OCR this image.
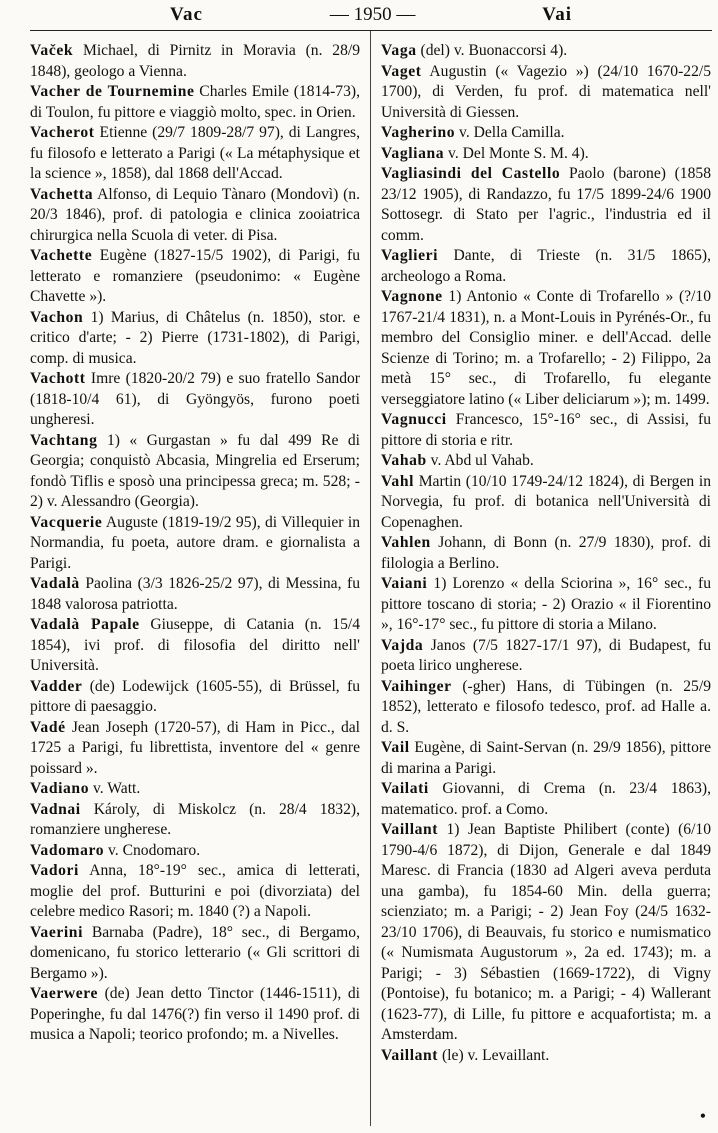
Vac	— 1950 —	Vai

Vaček Michael, di Pirnitz in Moravia (n. 28/9 1848), geologo a Vienna.

Vacher de Tournemine Charles Emile (1814-73), di Toulon, fu pittore e viaggiò molto, spec. in Orien.

Vacherot Etienne (29/7 1809-28/7 97), di Langres, fu filosofo e letterato a Parigi (« La métaphysique et la science », 1858), dal 1868 dell'Accad.

Vachetta Alfonso, di Lequio Tànaro (Mondovì) (n. 20/3 1846), prof. di patologia e clinica zooiatrica chirurgica nella Scuola di veter. di Pisa.

Vachette Eugène (1827-15/5 1902), di Parigi, fu letterato e romanziere (pseudonimo: « Eugène Chavette »).

Vachon 1) Marius, di Châtelus (n. 1850), stor. e critico d'arte; - 2) Pierre (1731-1802), di Parigi, comp. di musica.

Vachott Imre (1820-20/2 79) e suo fratello Sandor (1818-10/4 61), di Gyöngyös, furono poeti ungheresi.

Vachtang 1) « Gurgastan » fu dal 499 Re di Georgia; conquistò Abcasia, Mingrelia ed Erserum; fondò Tiflis e sposò una principessa greca; m. 528; - 2) v. Alessandro (Georgia).

Vacquerie Auguste (1819-19/2 95), di Villequier in Normandia, fu poeta, autore dram. e giornalista a Parigi.

Vadalà Paolina (3/3 1826-25/2 97), di Messina, fu 1848 valorosa patriotta.

Vadalà Papale Giuseppe, di Catania (n. 15/4 1854), ivi prof. di filosofia del diritto nell' Università.

Vadder (de) Lodewijck (1605-55), di Brüssel, fu pittore di paesaggio.

Vadé Jean Joseph (1720-57), di Ham in Picc., dal 1725 a Parigi, fu librettista, inventore del « genre poissard ».

Vadiano v. Watt.

Vadnai Károly, di Miskolcz (n. 28/4 1832), romanziere ungherese.

Vadomaro v. Cnodomaro.

Vadori Anna, 18°-19° sec., amica di letterati, moglie del prof. Butturini e poi (divorziata) del celebre medico Rasori; m. 1840 (?) a Napoli.

Vaerini Barnaba (Padre), 18° sec., di Bergamo, domenicano, fu storico letterario (« Gli scrittori di Bergamo »).

Vaerwere (de) Jean detto Tinctor (1446-1511), di Poperinghe, fu dal 1476(?) fin verso il 1490 prof. di musica a Napoli; teorico profondo; m. a Nivelles.

Vaga (del) v. Buonaccorsi 4).

Vaget Augustin (« Vagezio ») (24/10 1670-22/5 1700), di Verden, fu prof. di matematica nell' Università di Giessen.

Vagherino v. Della Camilla.

Vagliana v. Del Monte S. M. 4).

Vagliasindi del Castello Paolo (barone) (1858 23/12 1905), di Randazzo, fu 17/5 1899-24/6 1900 Sottosegr. di Stato per l'agric., l'industria ed il comm.

Vaglieri Dante, di Trieste (n. 31/5 1865), archeologo a Roma.

Vagnone 1) Antonio « Conte di Trofarello » (?/10 1767-21/4 1831), n. a Mont-Louis in Pyrénés-Or., fu membro del Consiglio miner. e dell'Accad. delle Scienze di Torino; m. a Trofarello; - 2) Filippo, 2a metà 15° sec., di Trofarello, fu elegante verseggiatore latino (« Liber deliciarum »); m. 1499.

Vagnucci Francesco, 15°-16° sec., di Assisi, fu pittore di storia e ritr.

Vahab v. Abd ul Vahab.

Vahl Martin (10/10 1749-24/12 1824), di Bergen in Norvegia, fu prof. di botanica nell'Università di Copenaghen.

Vahlen Johann, di Bonn (n. 27/9 1830), prof. di filologia a Berlino.

Vaiani 1) Lorenzo « della Sciorina », 16° sec., fu pittore toscano di storia; - 2) Orazio « il Fiorentino », 16°-17° sec., fu pittore di storia a Milano.

Vajda Janos (7/5 1827-17/1 97), di Budapest, fu poeta lirico ungherese.

Vaihinger (-gher) Hans, di Tübingen (n. 25/9 1852), letterato e filosofo tedesco, prof. ad Halle a. d. S.

Vail Eugène, di Saint-Servan (n. 29/9 1856), pittore di marina a Parigi.

Vailati Giovanni, di Crema (n. 23/4 1863), matematico. prof. a Como.

Vaillant 1) Jean Baptiste Philibert (conte) (6/10 1790-4/6 1872), di Dijon, Generale e dal 1849 Maresc. di Francia (1830 ad Algeri aveva perduta una gamba), fu 1854-60 Min. della guerra; scienziato; m. a Parigi; - 2) Jean Foy (24/5 1632-23/10 1706), di Beauvais, fu storico e numismatico (« Numismata Augustorum », 2a ed. 1743); m. a Parigi; - 3) Sébastien (1669-1722), di Vigny (Pontoise), fu botanico; m. a Parigi; - 4) Wallerant (1623-77), di Lille, fu pittore e acquafortista; m. a Amsterdam.

Vaillant (le) v. Levaillant.

•
